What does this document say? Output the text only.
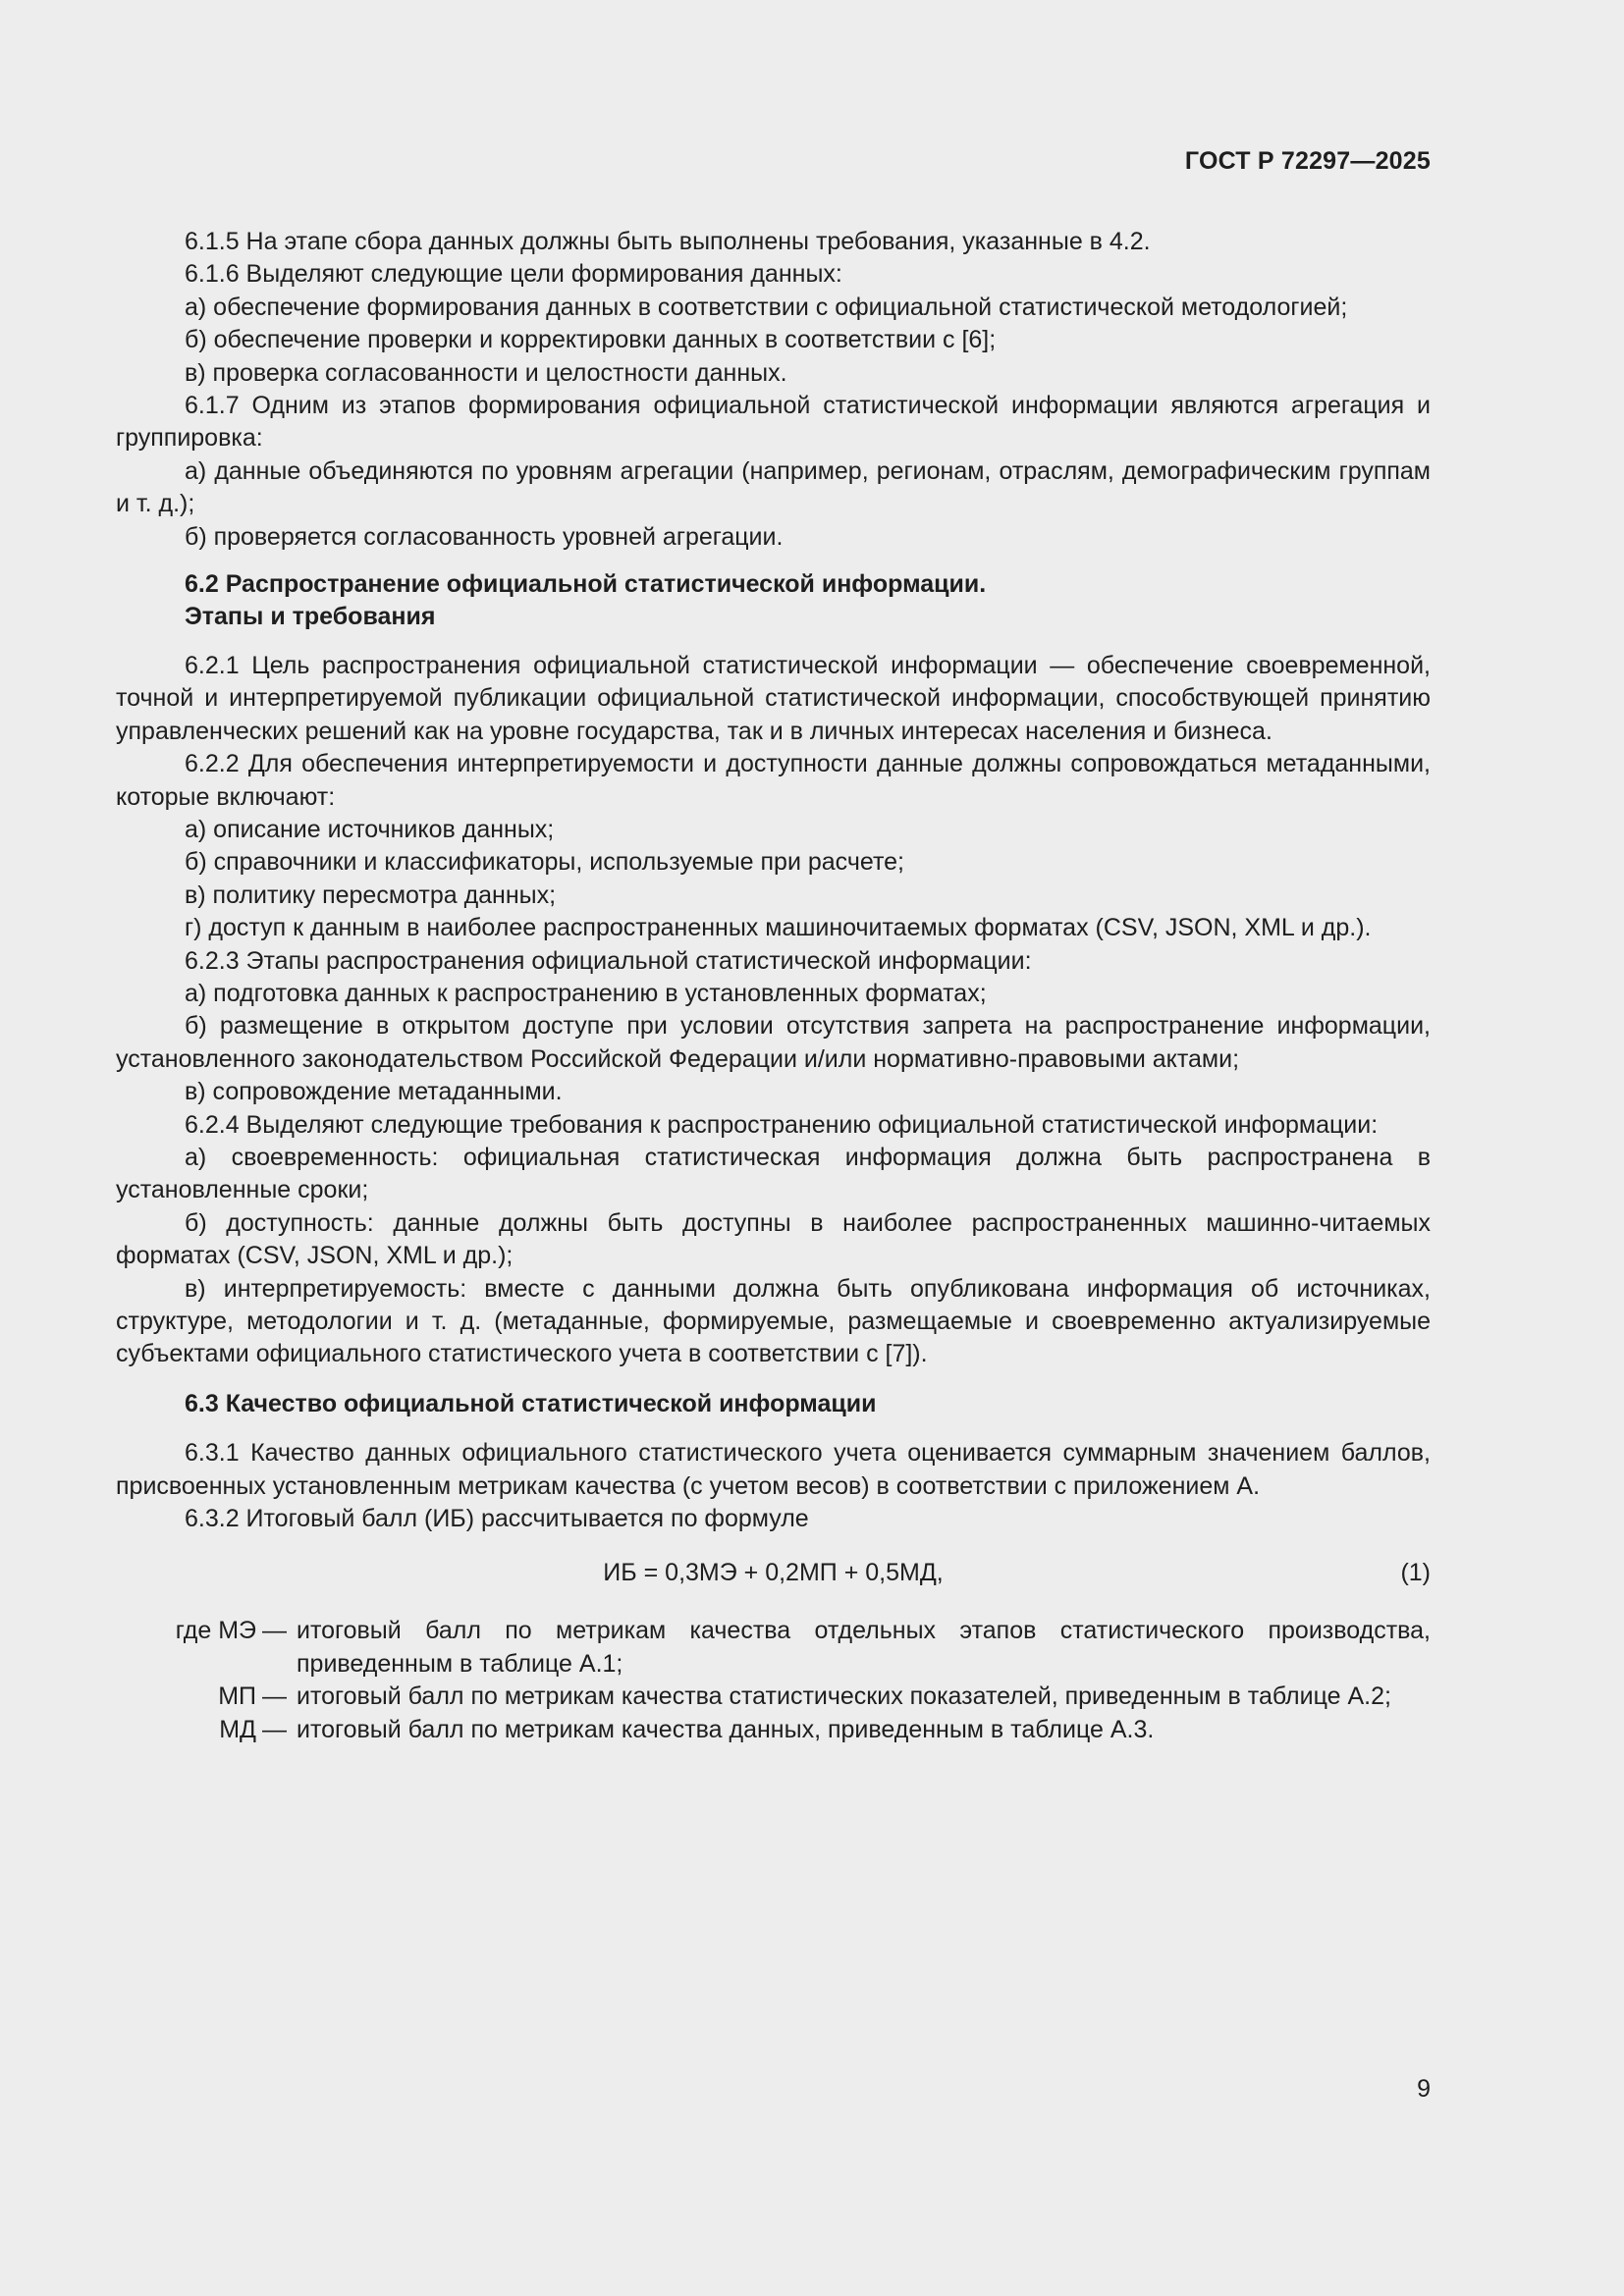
ГОСТ Р 72297—2025

6.1.5 На этапе сбора данных должны быть выполнены требования, указанные в 4.2.

6.1.6 Выделяют следующие цели формирования данных:

а) обеспечение формирования данных в соответствии с официальной статистической методологией;

б) обеспечение проверки и корректировки данных в соответствии с [6];

в) проверка согласованности и целостности данных.

6.1.7 Одним из этапов формирования официальной статистической информации являются агрегация и группировка:

а) данные объединяются по уровням агрегации (например, регионам, отраслям, демографическим группам и т. д.);

б) проверяется согласованность уровней агрегации.

6.2 Распространение официальной статистической информации.
Этапы и требования

6.2.1 Цель распространения официальной статистической информации — обеспечение своевременной, точной и интерпретируемой публикации официальной статистической информации, способствующей принятию управленческих решений как на уровне государства, так и в личных интересах населения и бизнеса.

6.2.2 Для обеспечения интерпретируемости и доступности данные должны сопровождаться метаданными, которые включают:

а) описание источников данных;

б) справочники и классификаторы, используемые при расчете;

в) политику пересмотра данных;

г) доступ к данным в наиболее распространенных машиночитаемых форматах (CSV, JSON, XML и др.).

6.2.3 Этапы распространения официальной статистической информации:

а) подготовка данных к распространению в установленных форматах;

б) размещение в открытом доступе при условии отсутствия запрета на распространение информации, установленного законодательством Российской Федерации и/или нормативно-правовыми актами;

в) сопровождение метаданными.

6.2.4 Выделяют следующие требования к распространению официальной статистической информации:

а) своевременность: официальная статистическая информация должна быть распространена в установленные сроки;

б) доступность: данные должны быть доступны в наиболее распространенных машинно-читаемых форматах (CSV, JSON, XML и др.);

в) интерпретируемость: вместе с данными должна быть опубликована информация об источниках, структуре, методологии и т. д. (метаданные, формируемые, размещаемые и своевременно актуализируемые субъектами официального статистического учета в соответствии с [7]).

6.3 Качество официальной статистической информации

6.3.1 Качество данных официального статистического учета оценивается суммарным значением баллов, присвоенных установленным метрикам качества (с учетом весов) в соответствии с приложением А.

6.3.2 Итоговый балл (ИБ) рассчитывается по формуле

ИБ = 0,3МЭ + 0,2МП + 0,5МД,	(1)
где МЭ — итоговый балл по метрикам качества отдельных этапов статистического производства, приведенным в таблице А.1;
МП — итоговый балл по метрикам качества статистических показателей, приведенным в таблице А.2;
МД — итоговый балл по метрикам качества данных, приведенным в таблице А.3.
9
